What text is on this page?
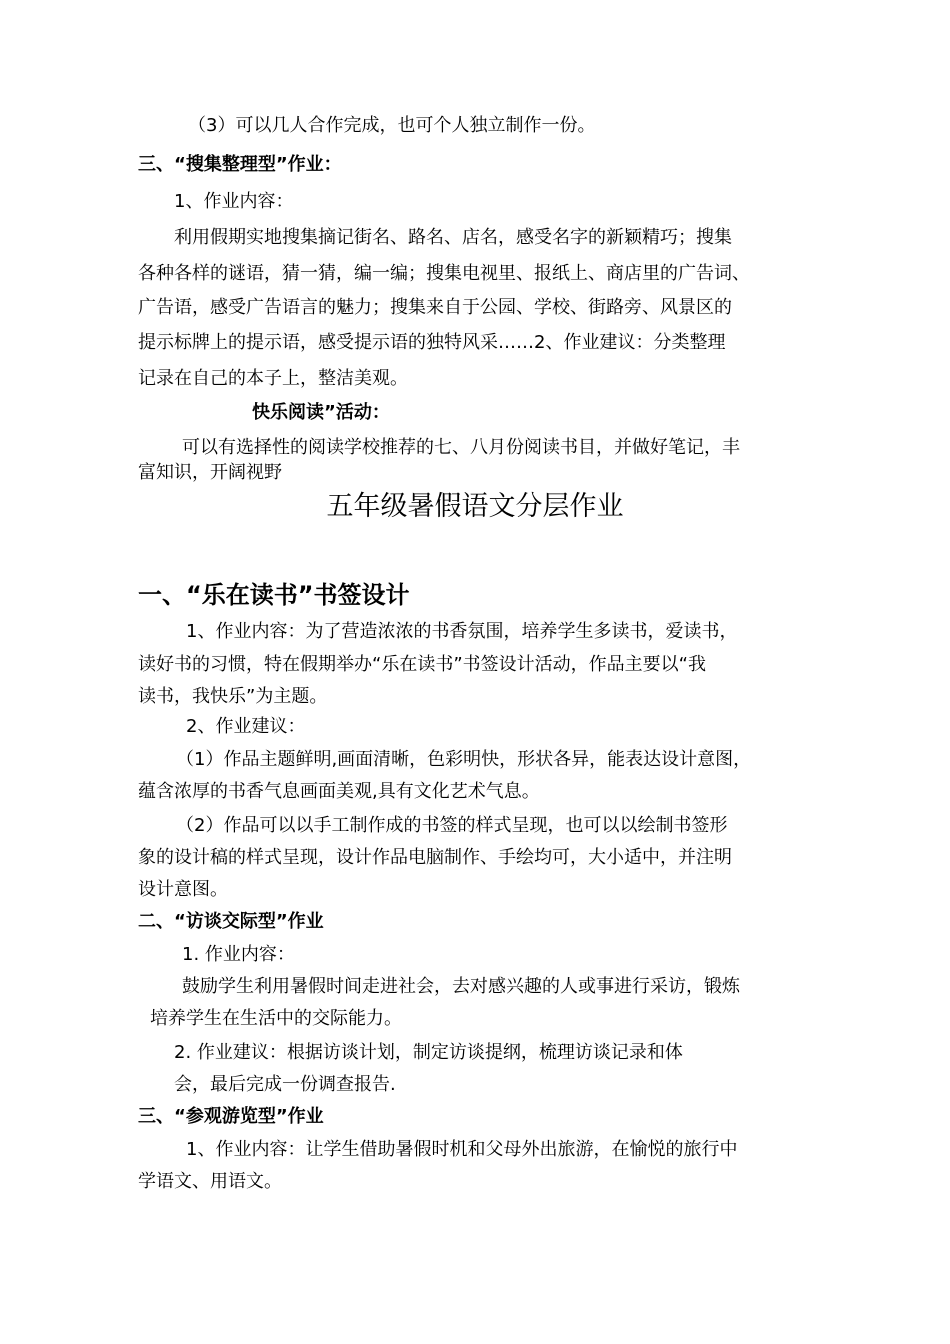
（3）可以几人合作完成，也可个人独立制作一份。
三、“搜集整理型”作业：
1、作业内容：
利用假期实地搜集摘记街名、路名、店名，感受名字的新颖精巧；搜集
各种各样的谜语，猜一猜，编一编；搜集电视里、报纸上、商店里的广告词、
广告语，感受广告语言的魅力；搜集来自于公园、学校、街路旁、风景区的
提示标牌上的提示语，感受提示语的独特风采……2、作业建议：分类整理
记录在自己的本子上，整洁美观。
快乐阅读”活动：
可以有选择性的阅读学校推荐的七、八月份阅读书目，并做好笔记，丰
富知识，开阔视野
五年级暑假语文分层作业
一、“乐在读书”书签设计
1、作业内容：为了营造浓浓的书香氛围，培养学生多读书，爱读书，
读好书的习惯，特在假期举办“乐在读书”书签设计活动，作品主要以“我
读书，我快乐”为主题。
2、作业建议：
（1）作品主题鲜明,画面清晰，色彩明快，形状各异，能表达设计意图，
蕴含浓厚的书香气息画面美观,具有文化艺术气息。
（2）作品可以以手工制作成的书签的样式呈现，也可以以绘制书签形
象的设计稿的样式呈现，设计作品电脑制作、手绘均可，大小适中，并注明
设计意图。
二、“访谈交际型”作业
1. 作业内容：
鼓励学生利用暑假时间走进社会，去对感兴趣的人或事进行采访，锻炼
培养学生在生活中的交际能力。
2. 作业建议：根据访谈计划，制定访谈提纲，梳理访谈记录和体
会，最后完成一份调查报告.
三、“参观游览型”作业
1、作业内容：让学生借助暑假时机和父母外出旅游，在愉悦的旅行中
学语文、用语文。
